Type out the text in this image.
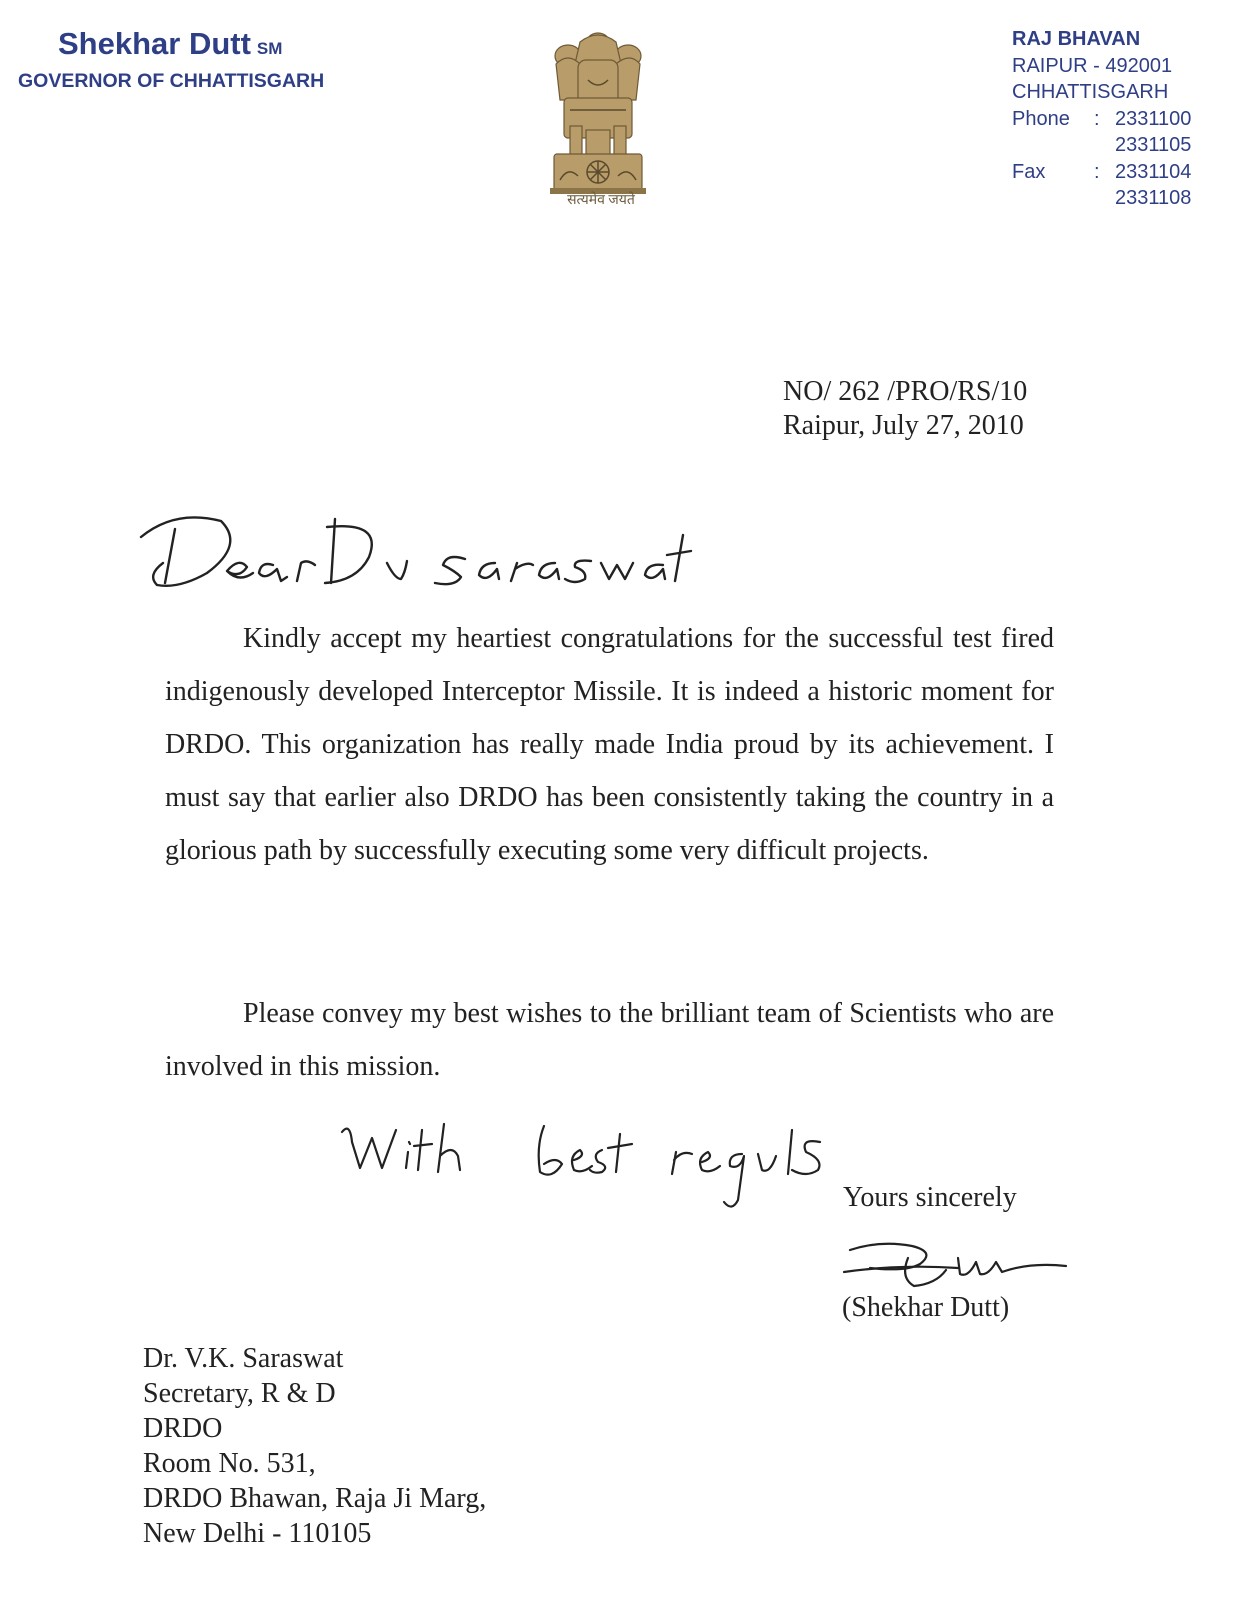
Shekhar Dutt SM
GOVERNOR OF CHHATTISGARH
सत्यमेव जयते
RAJ BHAVAN
RAIPUR - 492001
CHHATTISGARH
Phone : 2331100
2331105
Fax : 2331104
2331108
NO/ 262 /PRO/RS/10
Raipur, July 27, 2010

Kindly accept my heartiest congratulations for the successful test fired indigenously developed Interceptor Missile. It is indeed a historic moment for DRDO. This organization has really made India proud by its achievement. I must say that earlier also DRDO has been consistently taking the country in a glorious path by successfully executing some very difficult projects.

Please convey my best wishes to the brilliant team of Scientists who are involved in this mission.

Yours sincerely
(Shekhar Dutt)
Dr. V.K. Saraswat
Secretary, R & D
DRDO
Room No. 531,
DRDO Bhawan, Raja Ji Marg,
New Delhi - 110105
